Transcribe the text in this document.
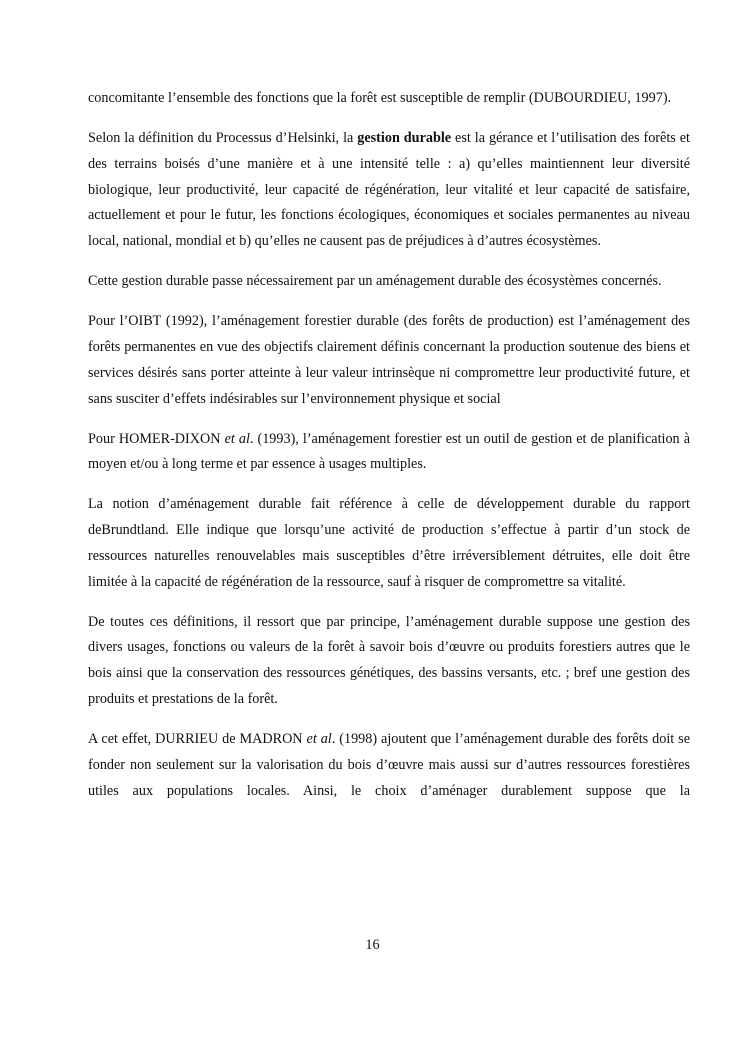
concomitante l’ensemble des fonctions que la forêt est susceptible de remplir (DUBOURDIEU, 1997).

Selon la définition du Processus d’Helsinki, la gestion durable est la gérance et l’utilisation des forêts et des terrains boisés d’une manière et à une intensité telle : a) qu’elles maintiennent leur diversité biologique, leur productivité, leur capacité de régénération, leur vitalité et leur capacité de satisfaire, actuellement et pour le futur, les fonctions écologiques, économiques et sociales permanentes au niveau local, national, mondial et b) qu’elles ne causent pas de préjudices à d’autres écosystèmes.

Cette gestion durable passe nécessairement par un aménagement durable des écosystèmes concernés.

Pour l’OIBT (1992), l’aménagement forestier durable (des forêts de production) est l’aménagement des forêts permanentes en vue des objectifs clairement définis concernant la production soutenue des biens et services désirés sans porter atteinte à leur valeur intrinsèque ni compromettre leur productivité future, et sans susciter d’effets indésirables sur l’environnement physique et social

Pour HOMER-DIXON et al. (1993), l’aménagement forestier est un outil de gestion et de planification à moyen et/ou à long terme et par essence à usages multiples.

La notion d’aménagement durable fait référence à celle de développement durable du rapport deBrundtland. Elle indique que lorsqu’une activité de production s’effectue à partir d’un stock de ressources naturelles renouvelables mais susceptibles d’être irréversiblement détruites, elle doit être limitée à la capacité de régénération de la ressource, sauf à risquer de compromettre sa vitalité.

De toutes ces définitions, il ressort que par principe, l’aménagement durable suppose une gestion des divers usages, fonctions ou valeurs de la forêt à savoir bois d’œuvre ou produits forestiers autres que le bois ainsi que la conservation des ressources génétiques, des bassins versants, etc. ; bref une gestion des produits et prestations de la forêt.

A cet effet, DURRIEU de MADRON et al. (1998) ajoutent que l’aménagement durable des forêts doit se fonder non seulement sur la valorisation du bois d’œuvre mais aussi sur d’autres ressources forestières utiles aux populations locales. Ainsi, le choix d’aménager durablement suppose que la

16
